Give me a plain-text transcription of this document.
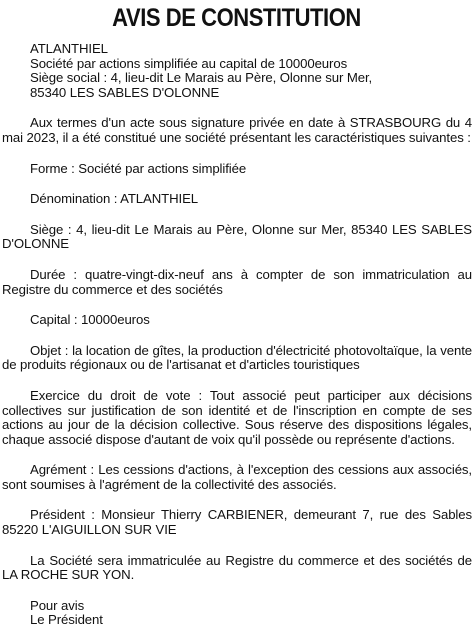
AVIS DE CONSTITUTION
ATLANTHIEL
Société par actions simplifiée au capital de 10000euros
Siège social : 4, lieu-dit Le Marais au Père, Olonne sur Mer,
85340 LES SABLES D'OLONNE

Aux termes d'un acte sous signature privée en date à STRASBOURG du 4 mai 2023, il a été constitué une société présentant les caractéristiques suivantes :

Forme : Société par actions simplifiée

Dénomination : ATLANTHIEL

Siège : 4, lieu-dit Le Marais au Père, Olonne sur Mer, 85340 LES SABLES D'OLONNE

Durée : quatre-vingt-dix-neuf ans à compter de son immatriculation au Registre du commerce et des sociétés

Capital : 10000euros

Objet : la location de gîtes, la production d'électricité photovoltaïque, la vente de produits régionaux ou de l'artisanat et d'articles touristiques

Exercice du droit de vote : Tout associé peut participer aux décisions collectives sur justification de son identité et de l'inscription en compte de ses actions au jour de la décision collective. Sous réserve des dispositions légales, chaque associé dispose d'autant de voix qu'il possède ou représente d'actions.

Agrément : Les cessions d'actions, à l'exception des cessions aux associés, sont soumises à l'agrément de la collectivité des associés.

Président : Monsieur Thierry CARBIENER, demeurant 7, rue des Sables 85220 L'AIGUILLON SUR VIE

La Société sera immatriculée au Registre du commerce et des sociétés de LA ROCHE SUR YON.

Pour avis
Le Président
